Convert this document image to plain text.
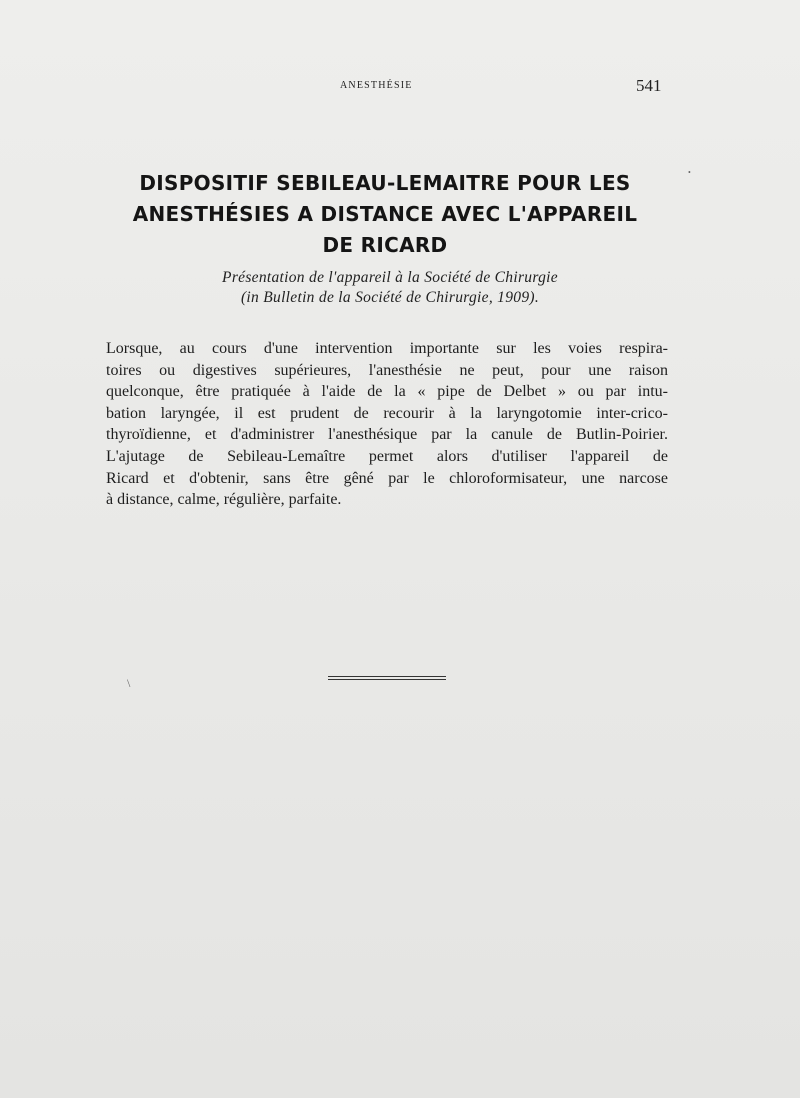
ANESTHÉSIE	541
DISPOSITIF SEBILEAU-LEMAITRE POUR LES
ANESTHÉSIES A DISTANCE AVEC L'APPAREIL
DE RICARD
Présentation de l'appareil à la Société de Chirurgie
(in Bulletin de la Société de Chirurgie, 1909).

Lorsque, au cours d'une intervention importante sur les voies respira-
toires ou digestives supérieures, l'anesthésie ne peut, pour une raison
quelconque, être pratiquée à l'aide de la « pipe de Delbet » ou par intu-
bation laryngée, il est prudent de recourir à la laryngotomie inter-crico-
thyroïdienne, et d'administrer l'anesthésique par la canule de Butlin-Poirier.

L'ajutage de Sebileau-Lemaître permet alors d'utiliser l'appareil de
Ricard et d'obtenir, sans être gêné par le chloroformisateur, une narcose
à distance, calme, régulière, parfaite.

\
•
